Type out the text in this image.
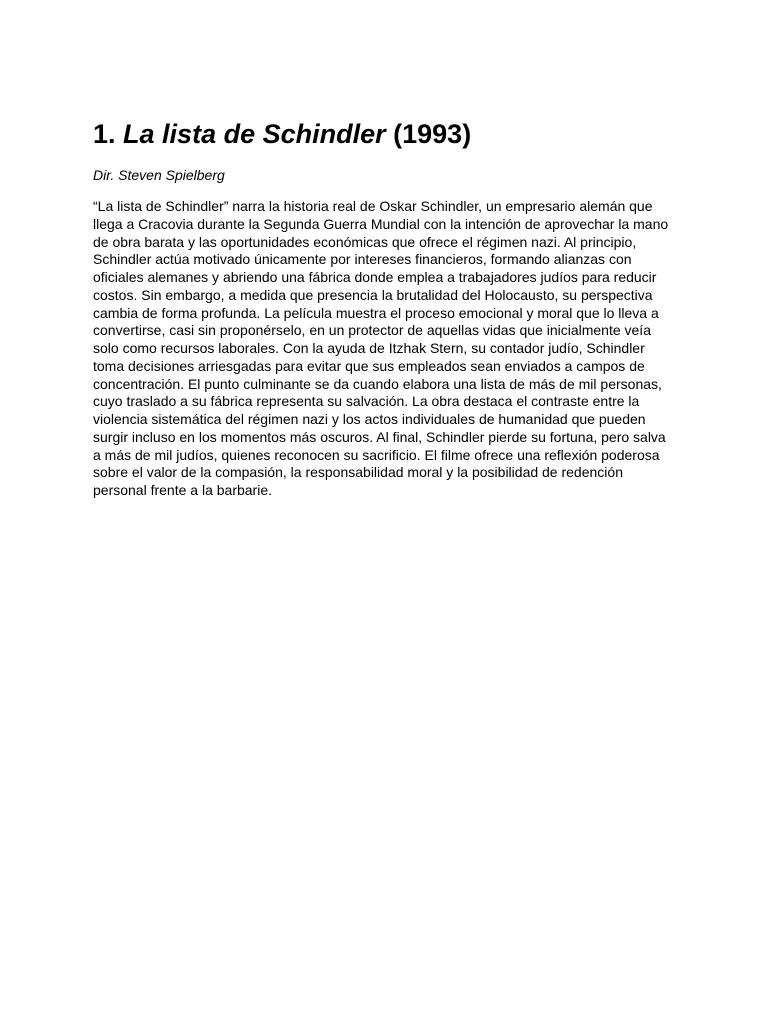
1. La lista de Schindler (1993)

Dir. Steven Spielberg

“La lista de Schindler” narra la historia real de Oskar Schindler, un empresario alemán que llega a Cracovia durante la Segunda Guerra Mundial con la intención de aprovechar la mano de obra barata y las oportunidades económicas que ofrece el régimen nazi. Al principio, Schindler actúa motivado únicamente por intereses financieros, formando alianzas con oficiales alemanes y abriendo una fábrica donde emplea a trabajadores judíos para reducir costos. Sin embargo, a medida que presencia la brutalidad del Holocausto, su perspectiva cambia de forma profunda. La película muestra el proceso emocional y moral que lo lleva a convertirse, casi sin proponérselo, en un protector de aquellas vidas que inicialmente veía solo como recursos laborales. Con la ayuda de Itzhak Stern, su contador judío, Schindler toma decisiones arriesgadas para evitar que sus empleados sean enviados a campos de concentración. El punto culminante se da cuando elabora una lista de más de mil personas, cuyo traslado a su fábrica representa su salvación. La obra destaca el contraste entre la violencia sistemática del régimen nazi y los actos individuales de humanidad que pueden surgir incluso en los momentos más oscuros. Al final, Schindler pierde su fortuna, pero salva a más de mil judíos, quienes reconocen su sacrificio. El filme ofrece una reflexión poderosa sobre el valor de la compasión, la responsabilidad moral y la posibilidad de redención personal frente a la barbarie.
